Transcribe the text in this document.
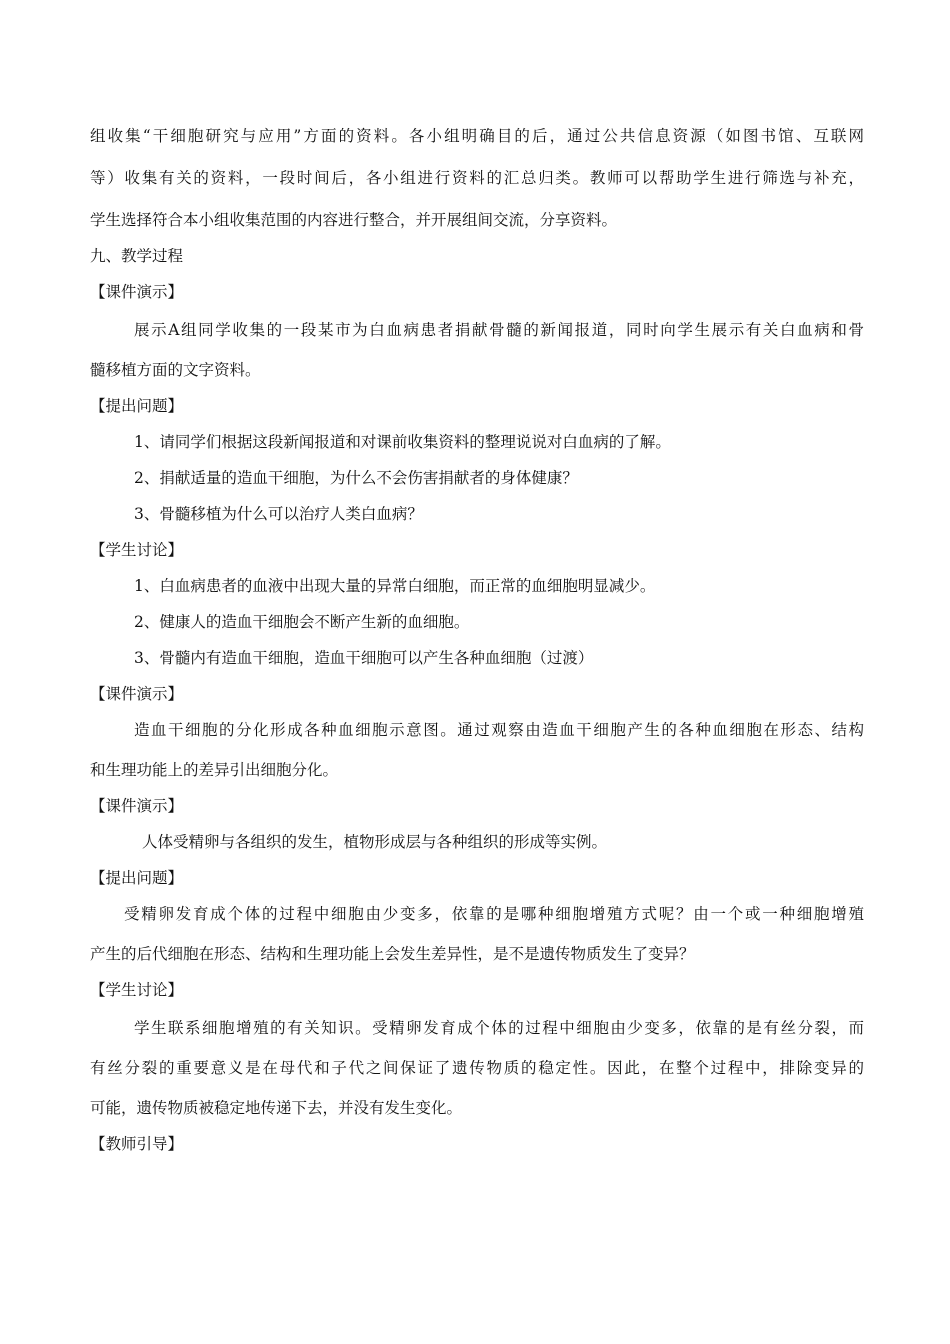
组收集“干细胞研究与应用”方面的资料。各小组明确目的后，通过公共信息资源（如图书馆、互联网
等）收集有关的资料，一段时间后，各小组进行资料的汇总归类。教师可以帮助学生进行筛选与补充，
学生选择符合本小组收集范围的内容进行整合，并开展组间交流，分享资料。
九、教学过程
【课件演示】
展示A组同学收集的一段某市为白血病患者捐献骨髓的新闻报道，同时向学生展示有关白血病和骨
髓移植方面的文字资料。
【提出问题】
1、请同学们根据这段新闻报道和对课前收集资料的整理说说对白血病的了解。
2、捐献适量的造血干细胞，为什么不会伤害捐献者的身体健康？
3、骨髓移植为什么可以治疗人类白血病？
【学生讨论】
1、白血病患者的血液中出现大量的异常白细胞，而正常的血细胞明显减少。
2、健康人的造血干细胞会不断产生新的血细胞。
3、骨髓内有造血干细胞，造血干细胞可以产生各种血细胞（过渡）
【课件演示】
造血干细胞的分化形成各种血细胞示意图。通过观察由造血干细胞产生的各种血细胞在形态、结构
和生理功能上的差异引出细胞分化。
【课件演示】
人体受精卵与各组织的发生，植物形成层与各种组织的形成等实例。
【提出问题】
受精卵发育成个体的过程中细胞由少变多，依靠的是哪种细胞增殖方式呢？由一个或一种细胞增殖
产生的后代细胞在形态、结构和生理功能上会发生差异性，是不是遗传物质发生了变异？
【学生讨论】
学生联系细胞增殖的有关知识。受精卵发育成个体的过程中细胞由少变多，依靠的是有丝分裂，而
有丝分裂的重要意义是在母代和子代之间保证了遗传物质的稳定性。因此，在整个过程中，排除变异的
可能，遗传物质被稳定地传递下去，并没有发生变化。
【教师引导】
